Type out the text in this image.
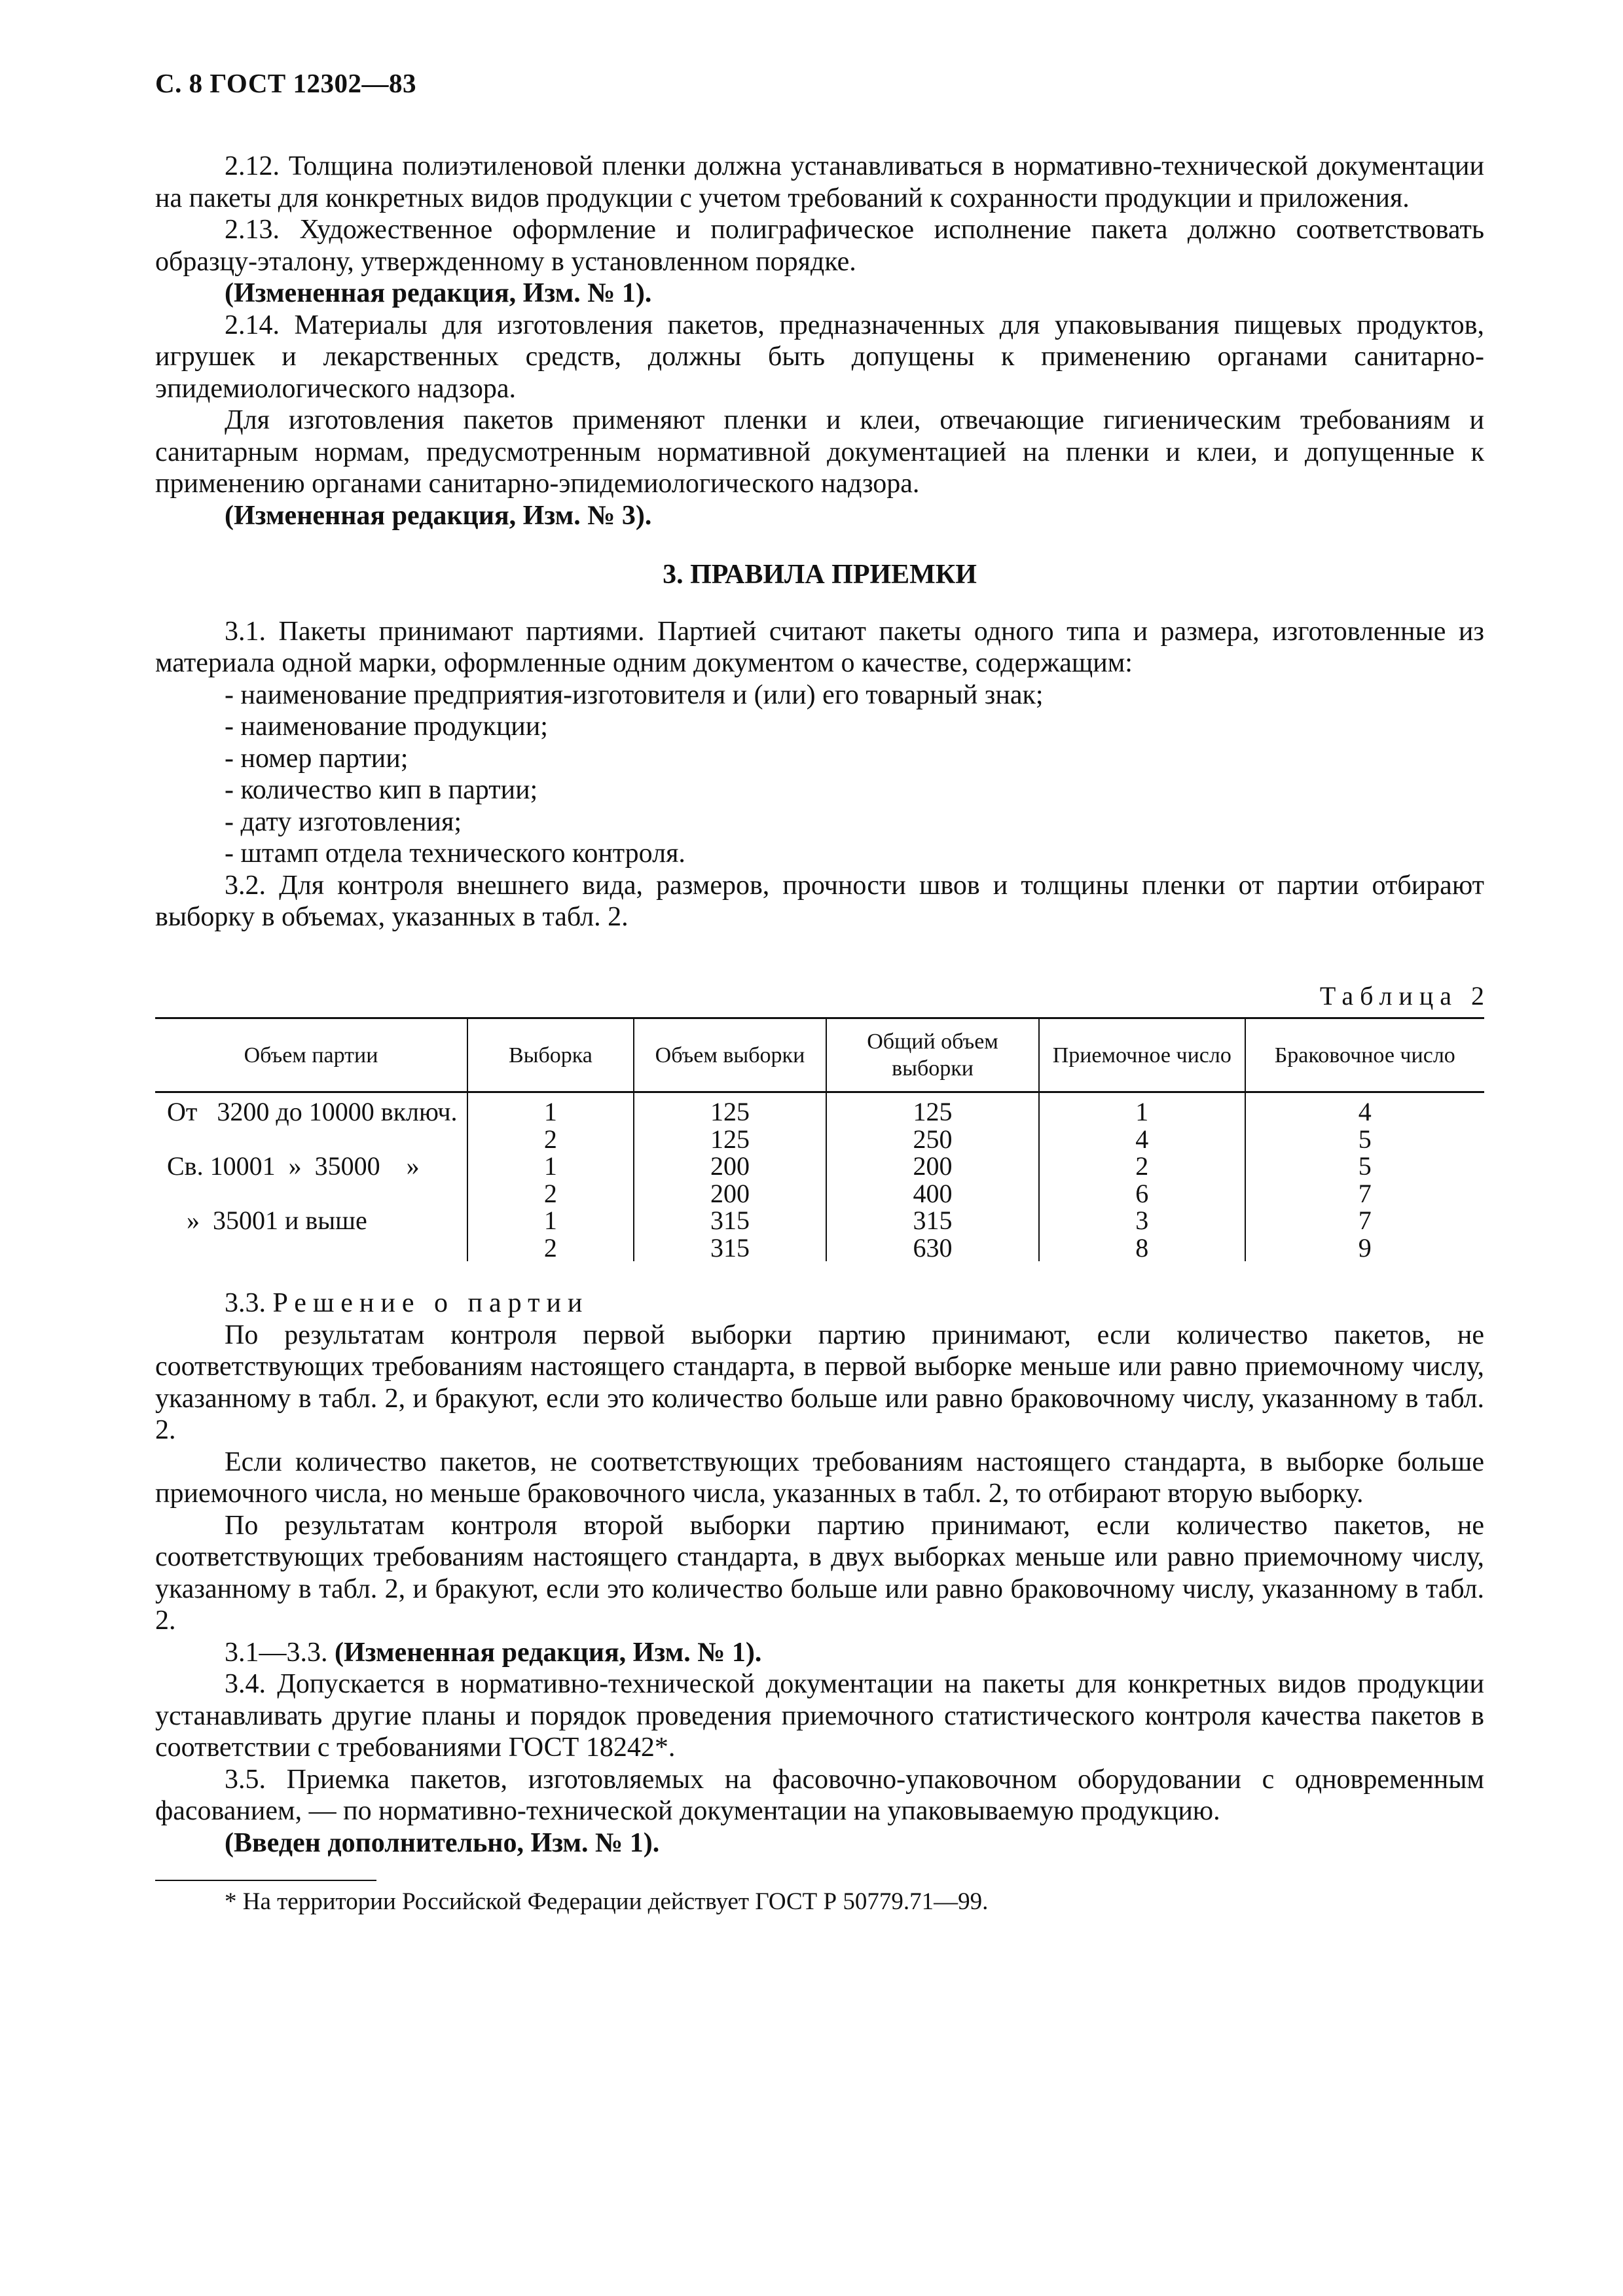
С. 8 ГОСТ 12302—83

2.12. Толщина полиэтиленовой пленки должна устанавливаться в нормативно-технической документации на пакеты для конкретных видов продукции с учетом требований к сохранности продукции и приложения.

2.13. Художественное оформление и полиграфическое исполнение пакета должно соответствовать образцу-эталону, утвержденному в установленном порядке.

(Измененная редакция, Изм. № 1).

2.14. Материалы для изготовления пакетов, предназначенных для упаковывания пищевых продуктов, игрушек и лекарственных средств, должны быть допущены к применению органами санитарно-эпидемиологического надзора.

Для изготовления пакетов применяют пленки и клеи, отвечающие гигиеническим требованиям и санитарным нормам, предусмотренным нормативной документацией на пленки и клеи, и допущенные к применению органами санитарно-эпидемиологического надзора.

(Измененная редакция, Изм. № 3).

3. ПРАВИЛА ПРИЕМКИ

3.1. Пакеты принимают партиями. Партией считают пакеты одного типа и размера, изготовленные из материала одной марки, оформленные одним документом о качестве, содержащим:

- наименование предприятия-изготовителя и (или) его товарный знак;

- наименование продукции;

- номер партии;

- количество кип в партии;

- дату изготовления;

- штамп отдела технического контроля.

3.2. Для контроля внешнего вида, размеров, прочности швов и толщины пленки от партии отбирают выборку в объемах, указанных в табл. 2.

Таблица 2
Объем партии	Выборка	Объем выборки	Общий объем выборки	Приемочное число	Браковочное число
От   3200 до 10000 включ.	1	125	125	1	4
	2	125	250	4	5
Св. 10001  »  35000    »	1	200	200	2	5
	2	200	400	6	7
»  35001 и выше	1	315	315	3	7
	2	315	630	8	9

3.3. Решение о партии

По результатам контроля первой выборки партию принимают, если количество пакетов, не соответствующих требованиям настоящего стандарта, в первой выборке меньше или равно приемочному числу, указанному в табл. 2, и бракуют, если это количество больше или равно браковочному числу, указанному в табл. 2.

Если количество пакетов, не соответствующих требованиям настоящего стандарта, в выборке больше приемочного числа, но меньше браковочного числа, указанных в табл. 2, то отбирают вторую выборку.

По результатам контроля второй выборки партию принимают, если количество пакетов, не соответствующих требованиям настоящего стандарта, в двух выборках меньше или равно приемочному числу, указанному в табл. 2, и бракуют, если это количество больше или равно браковочному числу, указанному в табл. 2.

3.1—3.3. (Измененная редакция, Изм. № 1).

3.4. Допускается в нормативно-технической документации на пакеты для конкретных видов продукции устанавливать другие планы и порядок проведения приемочного статистического контроля качества пакетов в соответствии с требованиями ГОСТ 18242*.

3.5. Приемка пакетов, изготовляемых на фасовочно-упаковочном оборудовании с одновременным фасованием, — по нормативно-технической документации на упаковываемую продукцию.

(Введен дополнительно, Изм. № 1).

* На территории Российской Федерации действует ГОСТ Р 50779.71—99.
